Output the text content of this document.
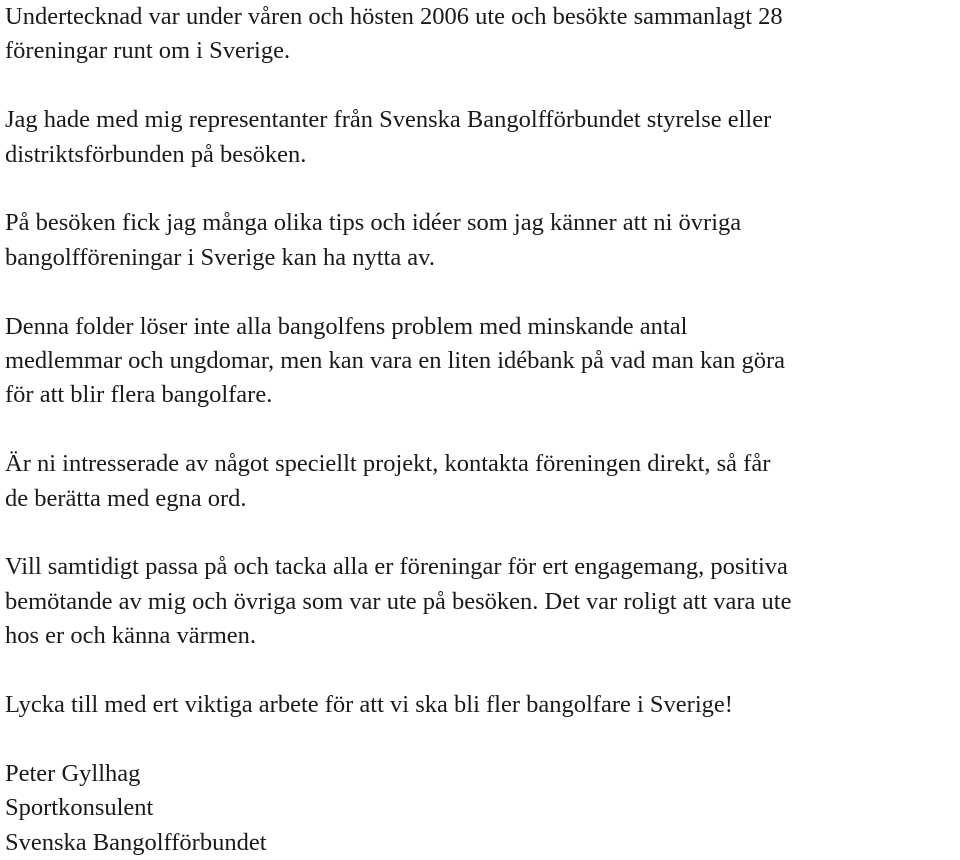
Undertecknad var under våren och hösten 2006 ute och besökte sammanlagt 28
föreningar runt om i Sverige.
Jag hade med mig representanter från Svenska Bangolfförbundet styrelse eller
distriktsförbunden på besöken.
På besöken fick jag många olika tips och idéer som jag känner att ni övriga
bangolfföreningar i Sverige kan ha nytta av.
Denna folder löser inte alla bangolfens problem med minskande antal
medlemmar och ungdomar, men kan vara en liten idébank på vad man kan göra
för att blir flera bangolfare.
Är ni intresserade av något speciellt projekt, kontakta föreningen direkt, så får
de berätta med egna ord.
Vill samtidigt passa på och tacka alla er föreningar för ert engagemang, positiva
bemötande av mig och övriga som var ute på besöken. Det var roligt att vara ute
hos er och känna värmen.
Lycka till med ert viktiga arbete för att vi ska bli fler bangolfare i Sverige!
Peter Gyllhag
Sportkonsulent
Svenska Bangolfförbundet
